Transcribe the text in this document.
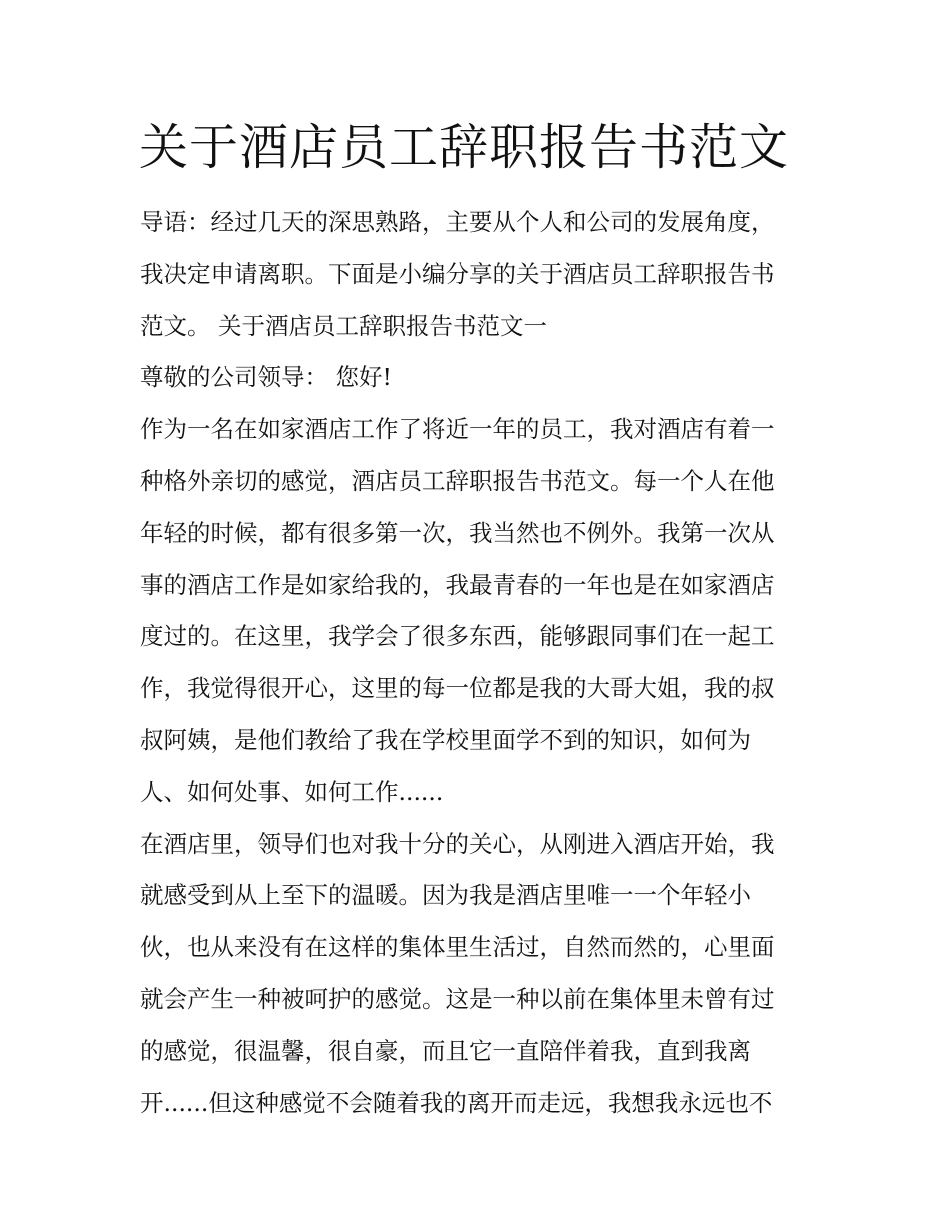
关于酒店员工辞职报告书范文
导语：经过几天的深思熟路，主要从个人和公司的发展角度，
我决定申请离职。下面是小编分享的关于酒店员工辞职报告书
范文。 关于酒店员工辞职报告书范文一
尊敬的公司领导： 您好!
作为一名在如家酒店工作了将近一年的员工，我对酒店有着一
种格外亲切的感觉，酒店员工辞职报告书范文。每一个人在他
年轻的时候，都有很多第一次，我当然也不例外。我第一次从
事的酒店工作是如家给我的，我最青春的一年也是在如家酒店
度过的。在这里，我学会了很多东西，能够跟同事们在一起工
作，我觉得很开心，这里的每一位都是我的大哥大姐，我的叔
叔阿姨，是他们教给了我在学校里面学不到的知识，如何为
人、如何处事、如何工作......
在酒店里，领导们也对我十分的关心，从刚进入酒店开始，我
就感受到从上至下的温暖。因为我是酒店里唯一一个年轻小
伙，也从来没有在这样的集体里生活过，自然而然的，心里面
就会产生一种被呵护的感觉。这是一种以前在集体里未曾有过
的感觉，很温馨，很自豪，而且它一直陪伴着我，直到我离
开......但这种感觉不会随着我的离开而走远，我想我永远也不
